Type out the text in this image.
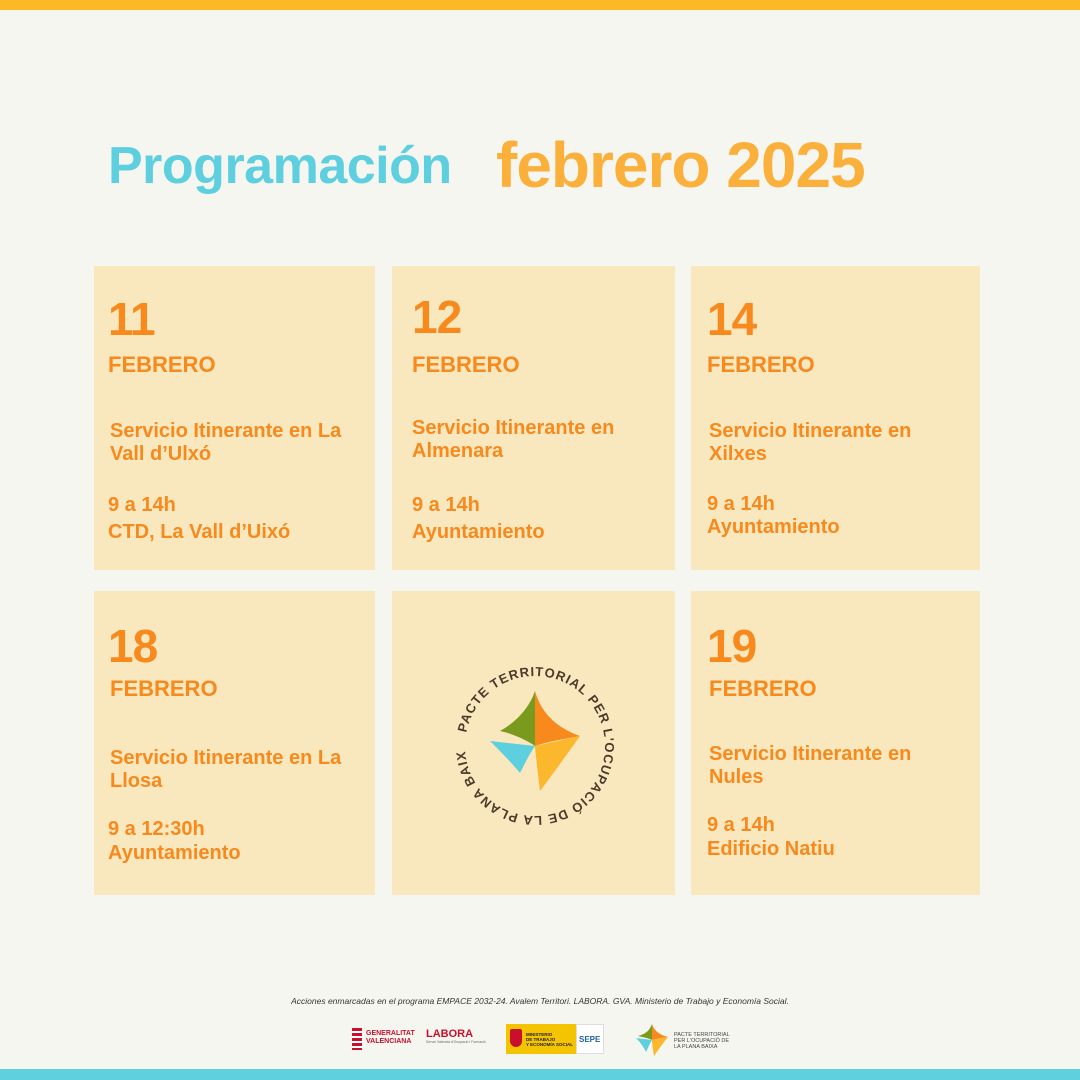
Programación febrero 2025
11
FEBRERO
Servicio Itinerante en La Vall d’Ulxó
9 a 14h
CTD, La Vall d’Uixó
12
FEBRERO
Servicio Itinerante en Almenara
9 a 14h
Ayuntamiento
14
FEBRERO
Servicio Itinerante en Xilxes
9 a 14h
Ayuntamiento
18
FEBRERO
Servicio Itinerante en La Llosa
9 a 12:30h
Ayuntamiento
PACTE TERRITORIAL PER L'OCUPACIÓ DE LA PLANA BAIX
19
FEBRERO
Servicio Itinerante en Nules
9 a 14h
Edificio Natiu
Acciones enmarcadas en el programa EMPACE 2032-24. Avalem Territori. LABORA. GVA. Ministerio de Trabajo y Economía Social.
GENERALITAT
VALENCIANA
LABORA
Servei Valencià d'Ocupació i Formació
MINISTERIO
DE TRABAJO
Y ECONOMÍA SOCIAL
SEPE	PACTE TERRITORIAL
PER L'OCUPACIÓ DE
LA PLANA BAIXA
